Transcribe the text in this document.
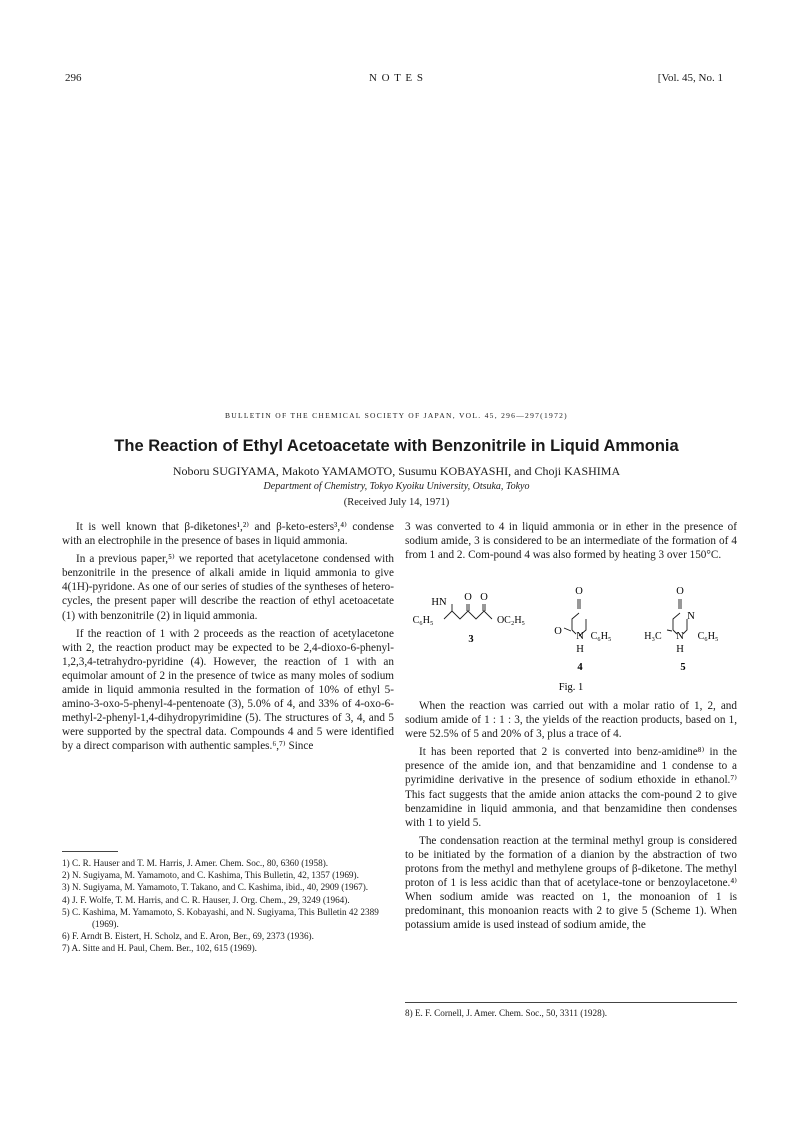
296	N O T E S	[Vol. 45, No. 1
BULLETIN OF THE CHEMICAL SOCIETY OF JAPAN, VOL. 45, 296—297(1972)
The Reaction of Ethyl Acetoacetate with Benzonitrile in Liquid Ammonia
Noboru SUGIYAMA, Makoto YAMAMOTO, Susumu KOBAYASHI, and Choji KASHIMA
Department of Chemistry, Tokyo Kyoiku University, Otsuka, Tokyo
(Received July 14, 1971)

It is well known that β-diketones¹,²⁾ and β-keto-esters³,⁴⁾ condense with an electrophile in the presence of bases in liquid ammonia.

In a previous paper,⁵⁾ we reported that acetylacetone condensed with benzonitrile in the presence of alkali amide in liquid ammonia to give 4(1H)-pyridone. As one of our series of studies of the syntheses of hetero-cycles, the present paper will describe the reaction of ethyl acetoacetate (1) with benzonitrile (2) in liquid ammonia.

If the reaction of 1 with 2 proceeds as the reaction of acetylacetone with 2, the reaction product may be expected to be 2,4-dioxo-6-phenyl-1,2,3,4-tetrahydro-pyridine (4). However, the reaction of 1 with an equimolar amount of 2 in the presence of twice as many moles of sodium amide in liquid ammonia resulted in the formation of 10% of ethyl 5-amino-3-oxo-5-phenyl-4-pentenoate (3), 5.0% of 4, and 33% of 4-oxo-6-methyl-2-phenyl-1,4-dihydropyrimidine (5). The structures of 3, 4, and 5 were supported by the spectral data. Compounds 4 and 5 were identified by a direct comparison with authentic samples.⁶,⁷⁾ Since

1) C. R. Hauser and T. M. Harris, J. Amer. Chem. Soc., 80, 6360 (1958).
2) N. Sugiyama, M. Yamamoto, and C. Kashima, This Bulletin, 42, 1357 (1969).
3) N. Sugiyama, M. Yamamoto, T. Takano, and C. Kashima, ibid., 40, 2909 (1967).
4) J. F. Wolfe, T. M. Harris, and C. R. Hauser, J. Org. Chem., 29, 3249 (1964).
5) C. Kashima, M. Yamamoto, S. Kobayashi, and N. Sugiyama, This Bulletin 42 2389 (1969).
6) F. Arndt B. Eistert, H. Scholz, and E. Aron, Ber., 69, 2373 (1936).
7) A. Sitte and H. Paul, Chem. Ber., 102, 615 (1969).

3 was converted to 4 in liquid ammonia or in ether in the presence of sodium amide, 3 is considered to be an intermediate of the formation of 4 from 1 and 2. Com-pound 4 was also formed by heating 3 over 150°C.

HN O O
C₆H₅	OC₂H₅
3
O
O N C₆H₅
H
4
O
N
H₃C N C₆H₅
H
5
Fig. 1

When the reaction was carried out with a molar ratio of 1, 2, and sodium amide of 1 : 1 : 3, the yields of the reaction products, based on 1, were 52.5% of 5 and 20% of 3, plus a trace of 4.

It has been reported that 2 is converted into benz-amidine⁸⁾ in the presence of the amide ion, and that benzamidine and 1 condense to a pyrimidine derivative in the presence of sodium ethoxide in ethanol.⁷⁾ This fact suggests that the amide anion attacks the com-pound 2 to give benzamidine in liquid ammonia, and that benzamidine then condenses with 1 to yield 5.

The condensation reaction at the terminal methyl group is considered to be initiated by the formation of a dianion by the abstraction of two protons from the methyl and methylene groups of β-diketone. The methyl proton of 1 is less acidic than that of acetylace-tone or benzoylacetone.⁴⁾ When sodium amide was reacted on 1, the monoanion of 1 is predominant, this monoanion reacts with 2 to give 5 (Scheme 1). When potassium amide is used instead of sodium amide, the

8) E. F. Cornell, J. Amer. Chem. Soc., 50, 3311 (1928).
